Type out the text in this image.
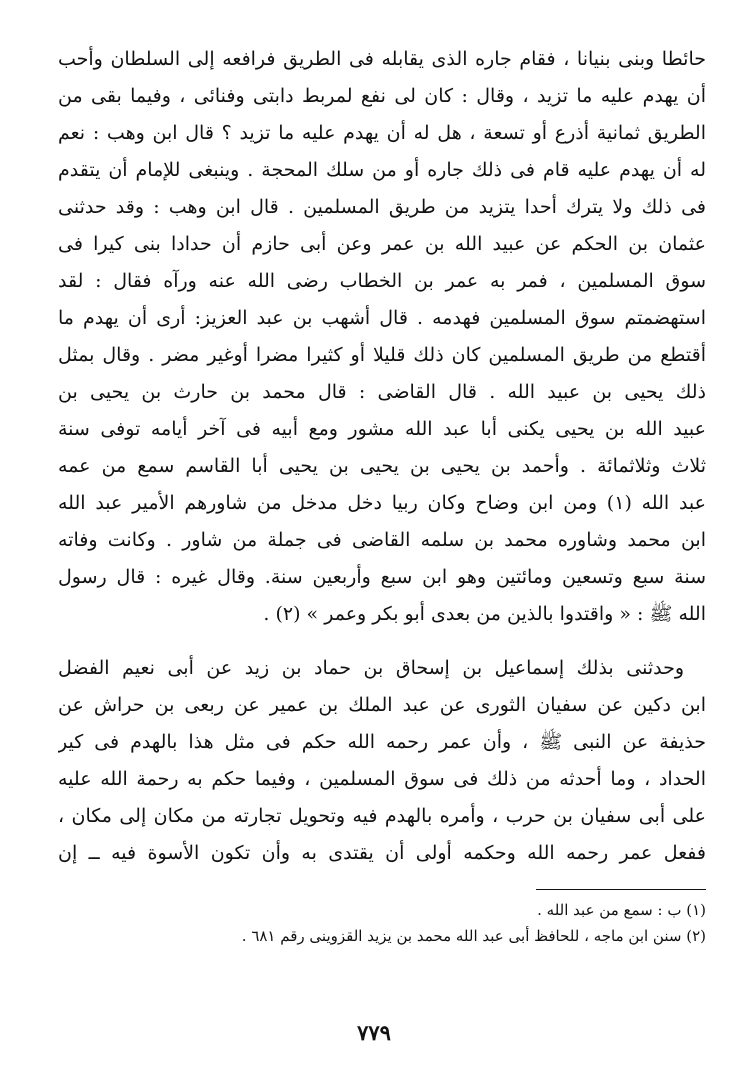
حائطا وبنى بنيانا ، فقام جاره الذى يقابله فى الطريق فرافعه إلى السلطان وأحب
أن يهدم عليه ما تزيد ، وقال : كان لى نفع لمربط دابتى وفنائى ، وفيما بقى من
الطريق ثمانية أذرع أو تسعة ، هل له أن يهدم عليه ما تزيد ؟ قال ابن وهب : نعم
له أن يهدم عليه قام فى ذلك جاره أو من سلك المحجة . وينبغى للإمام أن يتقدم
فى ذلك ولا يترك أحدا يتزيد من طريق المسلمين . قال ابن وهب : وقد حدثنى
عثمان بن الحكم عن عبيد الله بن عمر وعن أبى حازم أن حدادا بنى كيرا فى
سوق المسلمين ، فمر به عمر بن الخطاب رضى الله عنه ورآه فقال : لقد
استهضمتم سوق المسلمين فهدمه . قال أشهب بن عبد العزيز: أرى أن يهدم ما
أقتطع من طريق المسلمين كان ذلك قليلا أو كثيرا مضرا أوغير مضر . وقال بمثل
ذلك يحيى بن عبيد الله . قال القاضى : قال محمد بن حارث بن يحيى بن
عبيد الله بن يحيى يكنى أبا عبد الله مشور ومع أبيه فى آخر أيامه توفى سنة
ثلاث وثلاثمائة . وأحمد بن يحيى بن يحيى بن يحيى أبا القاسم سمع من عمه
عبد الله (١) ومن ابن وضاح وكان ربيا دخل مدخل من شاورهم الأمير عبد الله
ابن محمد وشاوره محمد بن سلمه القاضى فى جملة من شاور . وكانت وفاته
سنة سبع وتسعين ومائتين وهو ابن سبع وأربعين سنة. وقال غيره : قال رسول
الله ﷺ : « واقتدوا بالذين من بعدى أبو بكر وعمر » (٢) .
وحدثنى بذلك إسماعيل بن إسحاق بن حماد بن زيد عن أبى نعيم الفضل
ابن دكين عن سفيان الثورى عن عبد الملك بن عمير عن ربعى بن حراش عن
حذيفة عن النبى ﷺ ، وأن عمر رحمه الله حكم فى مثل هذا بالهدم فى كير
الحداد ، وما أحدثه من ذلك فى سوق المسلمين ، وفيما حكم به رحمة الله عليه
على أبى سفيان بن حرب ، وأمره بالهدم فيه وتحويل تجارته من مكان إلى مكان ،
ففعل عمر رحمه الله وحكمه أولى أن يقتدى به وأن تكون الأسوة فيه ــ إن
(١) ب : سمع من عبد الله .
(٢) سنن ابن ماجه ، للحافظ أبى عبد الله محمد بن يزيد القزوينى رقم ٦٨١ .
٧٧٩
